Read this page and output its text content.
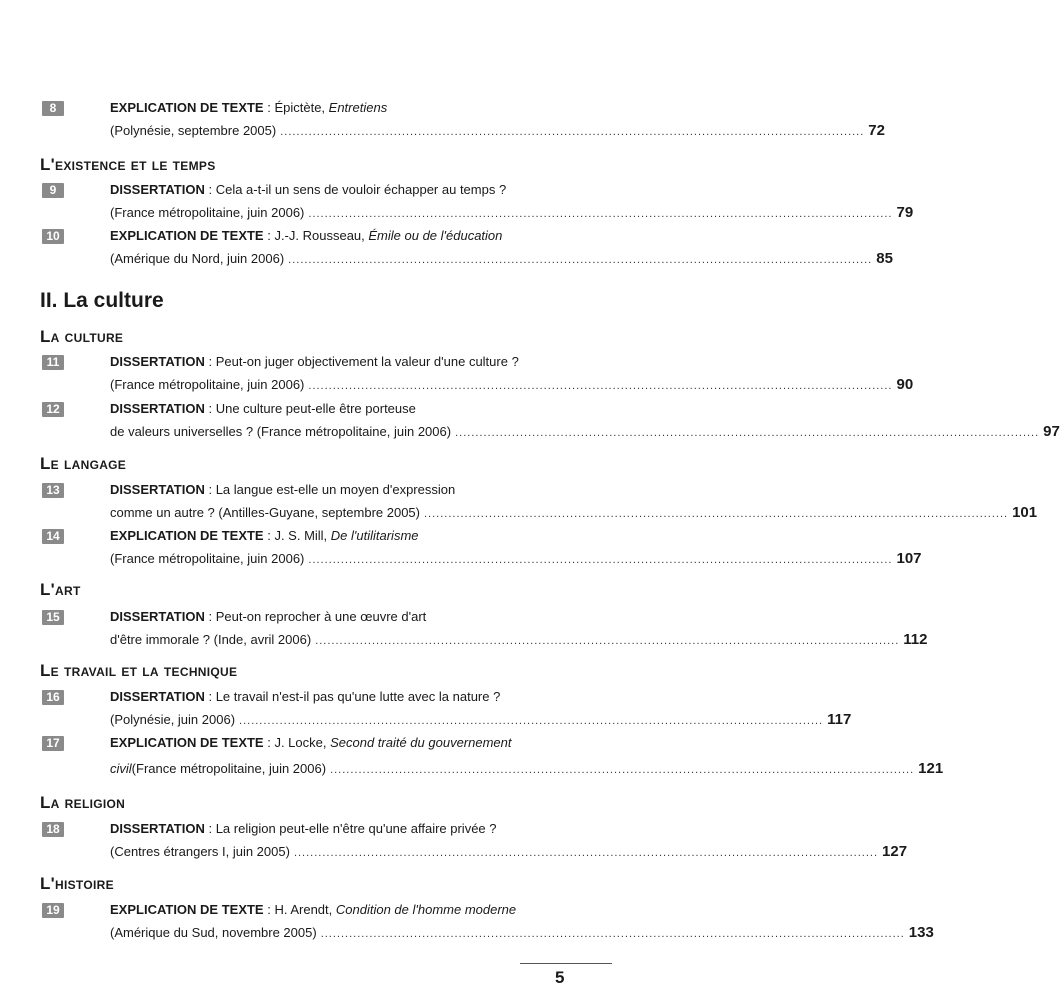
8	EXPLICATION DE TEXTE : Épictète, Entretiens
(Polynésie, septembre 2005) ................................................................................................................................................ 72
L'existence et le temps
9	DISSERTATION : Cela a-t-il un sens de vouloir échapper au temps ?
(France métropolitaine, juin 2006) ................................................................................................................................................ 79
10	EXPLICATION DE TEXTE : J.-J. Rousseau, Émile ou de l'éducation
(Amérique du Nord, juin 2006) ................................................................................................................................................ 85
II. La culture
La culture
11	DISSERTATION : Peut-on juger objectivement la valeur d'une culture ?
(France métropolitaine, juin 2006) ................................................................................................................................................ 90
12	DISSERTATION : Une culture peut-elle être porteuse
de valeurs universelles ? (France métropolitaine, juin 2006) ................................................................................................................................................ 97
Le langage
13	DISSERTATION : La langue est-elle un moyen d'expression
comme un autre ? (Antilles-Guyane, septembre 2005) ................................................................................................................................................ 101
14	EXPLICATION DE TEXTE : J. S. Mill, De l'utilitarisme
(France métropolitaine, juin 2006) ................................................................................................................................................ 107
L'art
15	DISSERTATION : Peut-on reprocher à une œuvre d'art
d'être immorale ? (Inde, avril 2006) ................................................................................................................................................ 112
Le travail et la technique
16	DISSERTATION : Le travail n'est-il pas qu'une lutte avec la nature ?
(Polynésie, juin 2006) ................................................................................................................................................ 117
17	EXPLICATION DE TEXTE : J. Locke, Second traité du gouvernement
civil (France métropolitaine, juin 2006) ................................................................................................................................................ 121
La religion
18	DISSERTATION : La religion peut-elle n'être qu'une affaire privée ?
(Centres étrangers I, juin 2005) ................................................................................................................................................ 127
L'histoire
19	EXPLICATION DE TEXTE : H. Arendt, Condition de l'homme moderne
(Amérique du Sud, novembre 2005) ................................................................................................................................................ 133
5
